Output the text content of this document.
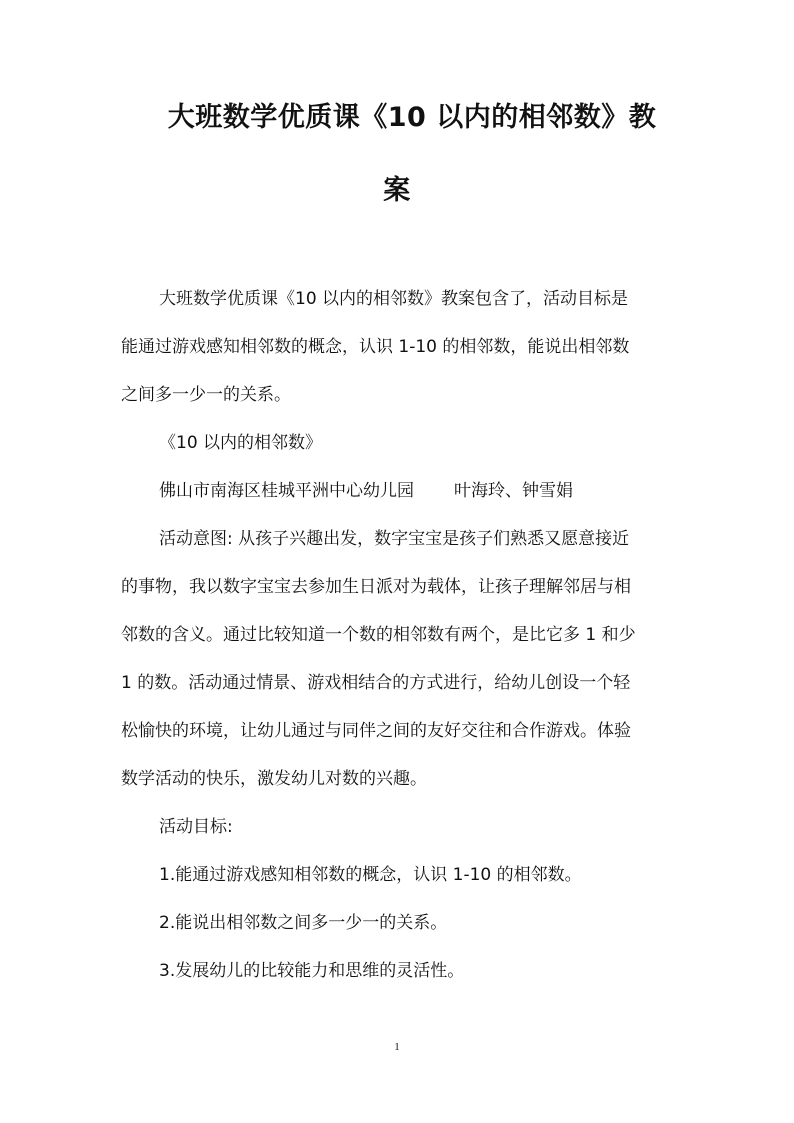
大班数学优质课《10 以内的相邻数》教
案
大班数学优质课《10 以内的相邻数》教案包含了，活动目标是
能通过游戏感知相邻数的概念，认识 1-10 的相邻数，能说出相邻数
之间多一少一的关系。
《10 以内的相邻数》
佛山市南海区桂城平洲中心幼儿园 叶海玲、钟雪娟
活动意图: 从孩子兴趣出发，数字宝宝是孩子们熟悉又愿意接近
的事物，我以数字宝宝去参加生日派对为载体，让孩子理解邻居与相
邻数的含义。通过比较知道一个数的相邻数有两个，是比它多 1 和少
1 的数。活动通过情景、游戏相结合的方式进行，给幼儿创设一个轻
松愉快的环境，让幼儿通过与同伴之间的友好交往和合作游戏。体验
数学活动的快乐，激发幼儿对数的兴趣。
活动目标:
1.能通过游戏感知相邻数的概念，认识 1-10 的相邻数。
2.能说出相邻数之间多一少一的关系。
3.发展幼儿的比较能力和思维的灵活性。
1
